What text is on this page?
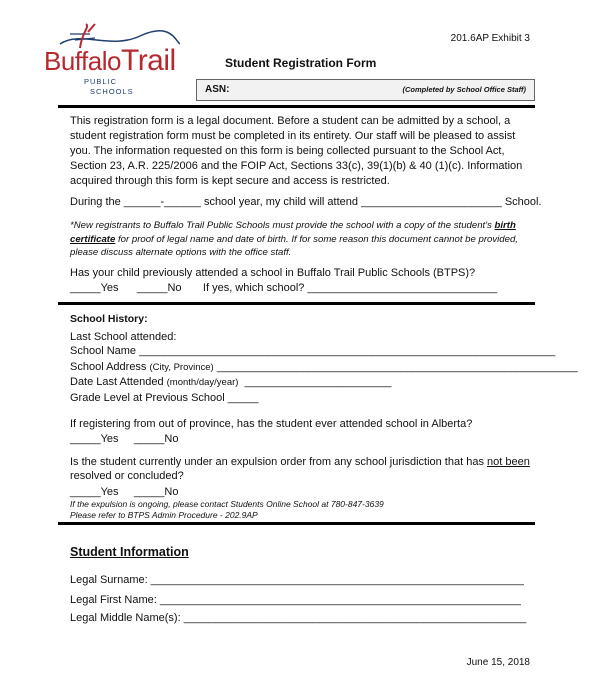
BuffaloTrail
PUBLIC
SCHOOLS
201.6AP Exhibit 3
Student Registration Form
ASN:	(Completed by School Office Staff)
This registration form is a legal document. Before a student can be admitted by a school, a student registration form must be completed in its entirety. Our staff will be pleased to assist you. The information requested on this form is being collected pursuant to the School Act, Section 23, A.R. 225/2006 and the FOIP Act, Sections 33(c), 39(1)(b) & 40 (1)(c). Information acquired through this form is kept secure and access is restricted.
During the ______-______ school year, my child will attend _______________________ School.
*New registrants to Buffalo Trail Public Schools must provide the school with a copy of the student's birth certificate for proof of legal name and date of birth. If for some reason this document cannot be provided, please discuss alternate options with the office staff.
Has your child previously attended a school in Buffalo Trail Public Schools (BTPS)?
_____Yes      _____No       If yes, which school? _______________________________
School History:
Last School attended:
School Name ____________________________________________________________________
School Address (City, Province) ___________________________________________________________
Date Last Attended (month/day/year)  ________________________
Grade Level at Previous School _____
If registering from out of province, has the student ever attended school in Alberta?
_____Yes     _____No
Is the student currently under an expulsion order from any school jurisdiction that has not been resolved or concluded?
_____Yes     _____No
If the expulsion is ongoing, please contact Students Online School at 780-847-3639
Please refer to BTPS Admin Procedure - 202.9AP
Student Information
Legal Surname: _____________________________________________________________
Legal First Name: ___________________________________________________________
Legal Middle Name(s): ________________________________________________________
June 15, 2018
